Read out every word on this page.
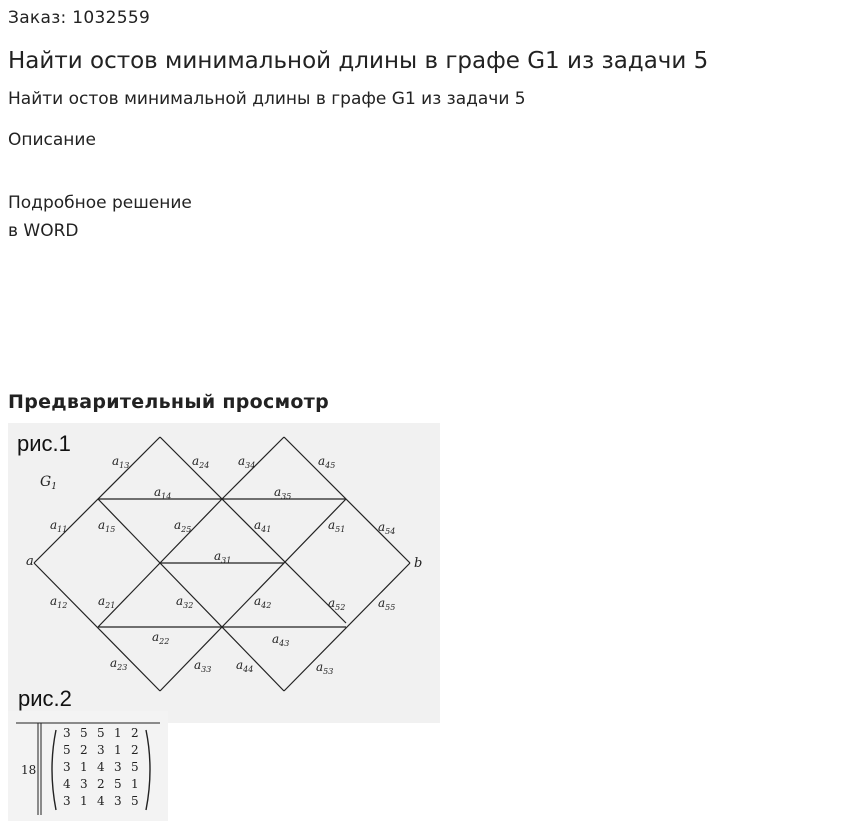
Заказ: 1032559
Найти остов минимальной длины в графе G1 из задачи 5
Найти остов минимальной длины в графе G1 из задачи 5
Описание
Подробное решение
в WORD
Предварительный просмотр
рис.1
$G_1$
a	b
$a_{13}$	$a_{24}$ $a_{34}$	$a_{45}$
$a_{14}$	$a_{35}$
$a_{11}$	$a_{15}$	$a_{25}$	$a_{41}$	$a_{51}$	$a_{54}$
$a_{31}$
$a_{12}$	$a_{21}$	$a_{32}$	$a_{42}$	$a_{52}$	$a_{55}$
$a_{22}$	$a_{43}$
$a_{23}$	$a_{33}$ $a_{44}$	$a_{53}$
18
3 5 5 1 2
5 2 3 1 2
3 1 4 3 5
4 3 2 5 1
3 1 4 3 5
рис.2
